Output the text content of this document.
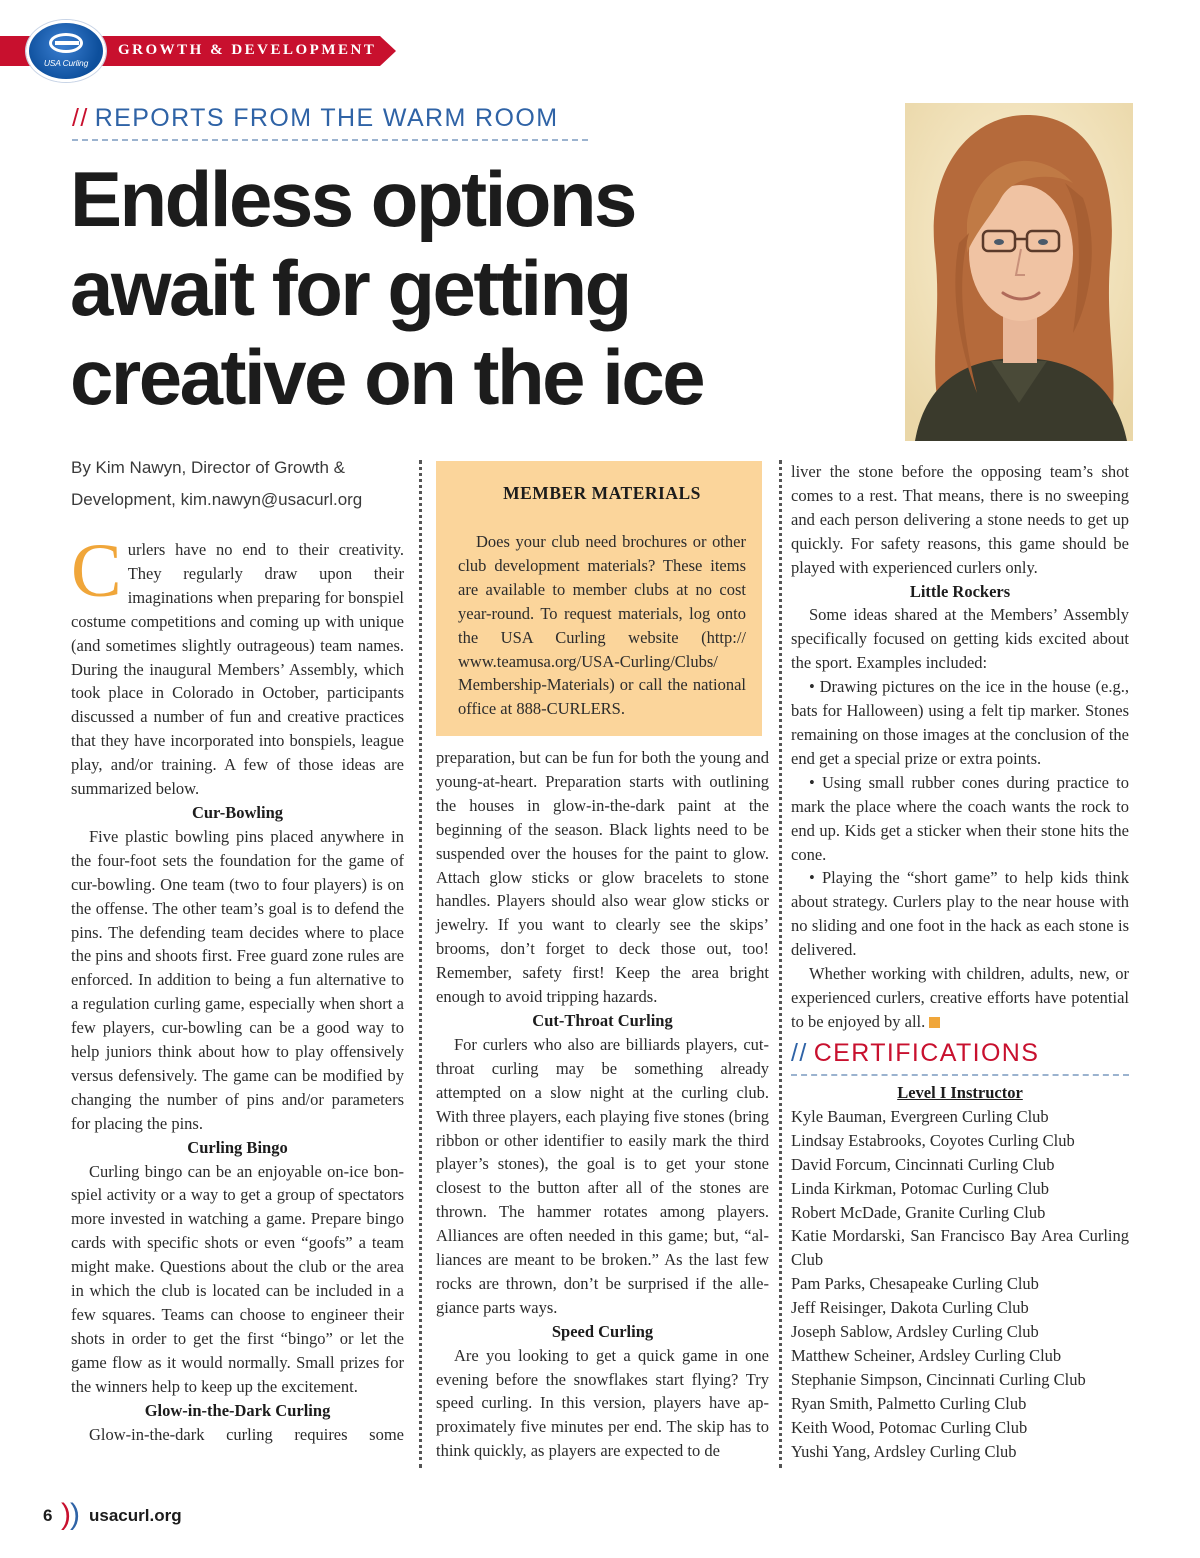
GROWTH & DEVELOPMENT
USA Curling
// REPORTS FROM THE WARM ROOM
Endless options
await for getting
creative on the ice
By Kim Nawyn, Director of Growth &
Development, kim.nawyn@usacurl.org

Curlers have no end to their creativity. They regularly draw upon their imaginations when preparing for bonspiel costume competitions and coming up with unique (and sometimes slightly outrageous) team names. During the inaugural Members’ Assembly, which took place in Colorado in October, participants discussed a number of fun and creative practices that they have incorporated into bonspiels, league play, and/or training. A few of those ideas are summarized below.

Cur-Bowling

Five plastic bowling pins placed anywhere in the four-foot sets the foundation for the game of cur-bowling. One team (two to four players) is on the offense. The other team’s goal is to defend the pins. The defending team decides where to place the pins and shoots first. Free guard zone rules are enforced. In addition to being a fun alternative to a regulation curling game, especially when short a few players, cur-bowling can be a good way to help juniors think about how to play offensively versus defensively. The game can be modified by changing the number of pins and/or parameters for placing the pins.

Curling Bingo

Curling bingo can be an enjoyable on-ice bonspiel activity or a way to get a group of spectators more invested in watching a game. Prepare bingo cards with specific shots or even “goofs” a team might make. Questions about the club or the area in which the club is located can be included in a few squares. Teams can choose to engineer their shots in order to get the first “bingo” or let the game flow as it would normally. Small prizes for the winners help to keep up the excitement.

Glow-in-the-Dark Curling

Glow-in-the-dark curling requires some

MEMBER MATERIALS

Does your club need brochures or other club development materials? These items are available to member clubs at no cost year-round. To request materials, log onto the USA Curling website (http://​www.teamusa.org/USA-Curling/Clubs/​Membership-Materials) or call the national office at 888-CURLERS.

preparation, but can be fun for both the young and young-at-heart. Preparation starts with outlining the houses in glow-in-the-dark paint at the beginning of the season. Black lights need to be suspended over the houses for the paint to glow. Attach glow sticks or glow bracelets to stone handles. Players should also wear glow sticks or jewelry. If you want to clearly see the skips’ brooms, don’t forget to deck those out, too! Remember, safety first! Keep the area bright enough to avoid tripping hazards.

Cut-Throat Curling

For curlers who also are billiards players, cut-throat curling may be something already attempted on a slow night at the curling club. With three players, each playing five stones (bring ribbon or other identifier to easily mark the third player’s stones), the goal is to get your stone closest to the button after all of the stones are thrown. The hammer rotates among players. Alliances are often needed in this game; but, “alliances are meant to be broken.” As the last few rocks are thrown, don’t be surprised if the allegiance parts ways.

Speed Curling

Are you looking to get a quick game in one evening before the snowflakes start flying? Try speed curling. In this version, players have approximately five minutes per end. The skip has to think quickly, as players are expected to de

liver the stone before the opposing team’s shot comes to a rest. That means, there is no sweeping and each person delivering a stone needs to get up quickly. For safety reasons, this game should be played with experienced curlers only.

Little Rockers

Some ideas shared at the Members’ Assembly specifically focused on getting kids excited about the sport. Examples included:

• Drawing pictures on the ice in the house (e.g., bats for Halloween) using a felt tip marker. Stones remaining on those images at the conclusion of the end get a special prize or extra points.

• Using small rubber cones during practice to mark the place where the coach wants the rock to end up. Kids get a sticker when their stone hits the cone.

• Playing the “short game” to help kids think about strategy. Curlers play to the near house with no sliding and one foot in the hack as each stone is delivered.

Whether working with children, adults, new, or experienced curlers, creative efforts have potential to be enjoyed by all.

// CERTIFICATIONS
Level I Instructor
Kyle Bauman, Evergreen Curling Club
Lindsay Estabrooks, Coyotes Curling Club
David Forcum, Cincinnati Curling Club
Linda Kirkman, Potomac Curling Club
Robert McDade, Granite Curling Club
Katie Mordarski, San Francisco Bay Area Curling Club
Pam Parks, Chesapeake Curling Club
Jeff Reisinger, Dakota Curling Club
Joseph Sablow, Ardsley Curling Club
Matthew Scheiner, Ardsley Curling Club
Stephanie Simpson, Cincinnati Curling Club
Ryan Smith, Palmetto Curling Club
Keith Wood, Potomac Curling Club
Yushi Yang, Ardsley Curling Club
6 ) ) usacurl.org
